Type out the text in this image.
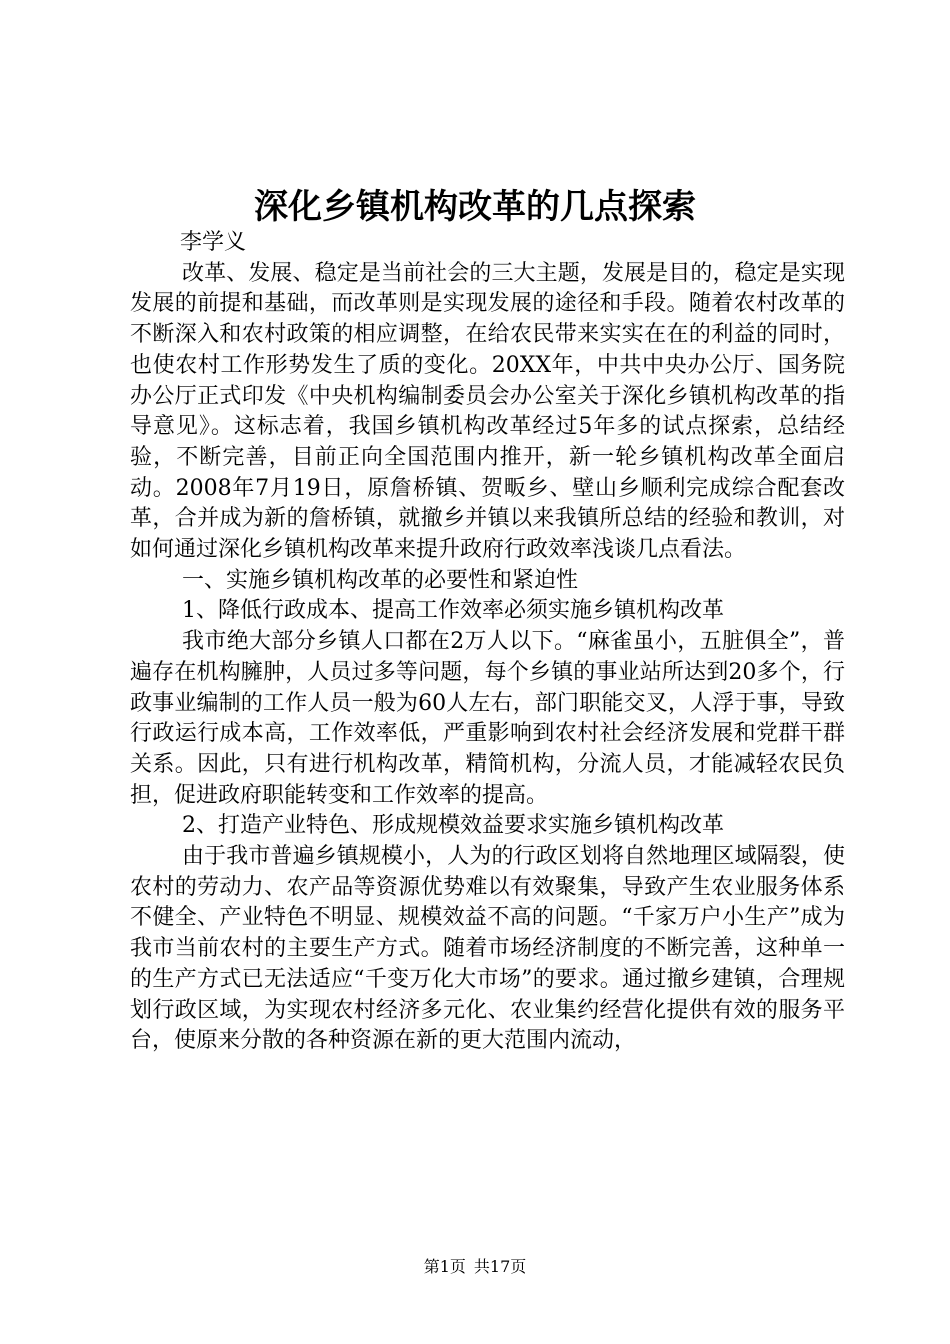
深化乡镇机构改革的几点探索

李学义

改革、发展、稳定是当前社会的三大主题，发展是目的，稳定是实现发展的前提和基础，而改革则是实现发展的途径和手段。随着农村改革的不断深入和农村政策的相应调整，在给农民带来实实在在的利益的同时，也使农村工作形势发生了质的变化。20XX年，中共中央办公厅、国务院办公厅正式印发《中央机构编制委员会办公室关于深化乡镇机构改革的指导意见》。这标志着，我国乡镇机构改革经过5年多的试点探索，总结经验，不断完善，目前正向全国范围内推开，新一轮乡镇机构改革全面启动。2008年7月19日，原詹桥镇、贺畈乡、壁山乡顺利完成综合配套改革，合并成为新的詹桥镇，就撤乡并镇以来我镇所总结的经验和教训，对如何通过深化乡镇机构改革来提升政府行政效率浅谈几点看法。

一、实施乡镇机构改革的必要性和紧迫性

1、降低行政成本、提高工作效率必须实施乡镇机构改革

我市绝大部分乡镇人口都在2万人以下。“麻雀虽小，五脏俱全”，普遍存在机构臃肿，人员过多等问题，每个乡镇的事业站所达到20多个，行政事业编制的工作人员一般为60人左右，部门职能交叉，人浮于事，导致行政运行成本高，工作效率低，严重影响到农村社会经济发展和党群干群关系。因此，只有进行机构改革，精简机构，分流人员，才能减轻农民负担，促进政府职能转变和工作效率的提高。

2、打造产业特色、形成规模效益要求实施乡镇机构改革

由于我市普遍乡镇规模小，人为的行政区划将自然地理区域隔裂，使农村的劳动力、农产品等资源优势难以有效聚集，导致产生农业服务体系不健全、产业特色不明显、规模效益不高的问题。“千家万户小生产”成为我市当前农村的主要生产方式。随着市场经济制度的不断完善，这种单一的生产方式已无法适应“千变万化大市场”的要求。通过撤乡建镇，合理规划行政区域，为实现农村经济多元化、农业集约经营化提供有效的服务平台，使原来分散的各种资源在新的更大范围内流动，

第1页 共17页
